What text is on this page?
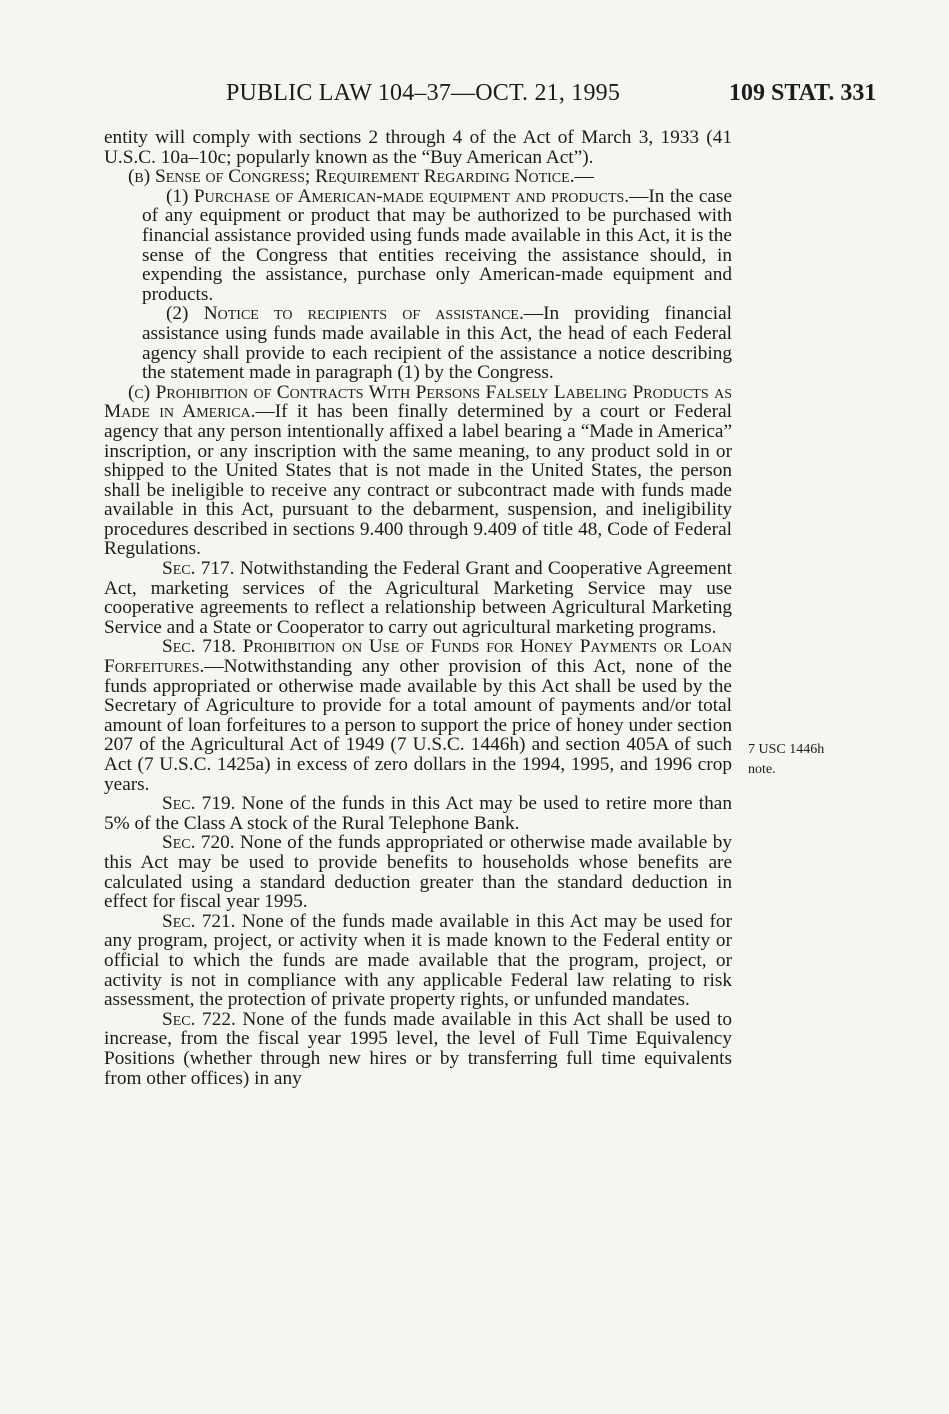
PUBLIC LAW 104–37—OCT. 21, 1995	109 STAT. 331

entity will comply with sections 2 through 4 of the Act of March 3, 1933 (41 U.S.C. 10a–10c; popularly known as the “Buy American Act”).

(b) Sense of Congress; Requirement Regarding Notice.—

(1) Purchase of American-made equipment and products.—In the case of any equipment or product that may be authorized to be purchased with financial assistance provided using funds made available in this Act, it is the sense of the Congress that entities receiving the assistance should, in expending the assistance, purchase only American-made equipment and products.

(2) Notice to recipients of assistance.—In providing financial assistance using funds made available in this Act, the head of each Federal agency shall provide to each recipient of the assistance a notice describing the statement made in paragraph (1) by the Congress.

(c) Prohibition of Contracts With Persons Falsely Labeling Products as Made in America.—If it has been finally determined by a court or Federal agency that any person intentionally affixed a label bearing a “Made in America” inscription, or any inscription with the same meaning, to any product sold in or shipped to the United States that is not made in the United States, the person shall be ineligible to receive any contract or subcontract made with funds made available in this Act, pursuant to the debarment, suspension, and ineligibility procedures described in sections 9.400 through 9.409 of title 48, Code of Federal Regulations.

Sec. 717. Notwithstanding the Federal Grant and Cooperative Agreement Act, marketing services of the Agricultural Marketing Service may use cooperative agreements to reflect a relationship between Agricultural Marketing Service and a State or Cooperator to carry out agricultural marketing programs.

Sec. 718. Prohibition on Use of Funds for Honey Payments or Loan Forfeitures.—Notwithstanding any other provision of this Act, none of the funds appropriated or otherwise made available by this Act shall be used by the Secretary of Agriculture to provide for a total amount of payments and/or total amount of loan forfeitures to a person to support the price of honey under section 207 of the Agricultural Act of 1949 (7 U.S.C. 1446h) and section 405A of such Act (7 U.S.C. 1425a) in excess of zero dollars in the 1994, 1995, and 1996 crop years.

Sec. 719. None of the funds in this Act may be used to retire more than 5% of the Class A stock of the Rural Telephone Bank.

Sec. 720. None of the funds appropriated or otherwise made available by this Act may be used to provide benefits to households whose benefits are calculated using a standard deduction greater than the standard deduction in effect for fiscal year 1995.

Sec. 721. None of the funds made available in this Act may be used for any program, project, or activity when it is made known to the Federal entity or official to which the funds are made available that the program, project, or activity is not in compliance with any applicable Federal law relating to risk assessment, the protection of private property rights, or unfunded mandates.

Sec. 722. None of the funds made available in this Act shall be used to increase, from the fiscal year 1995 level, the level of Full Time Equivalency Positions (whether through new hires or by transferring full time equivalents from other offices) in any

7 USC 1446h
note.
